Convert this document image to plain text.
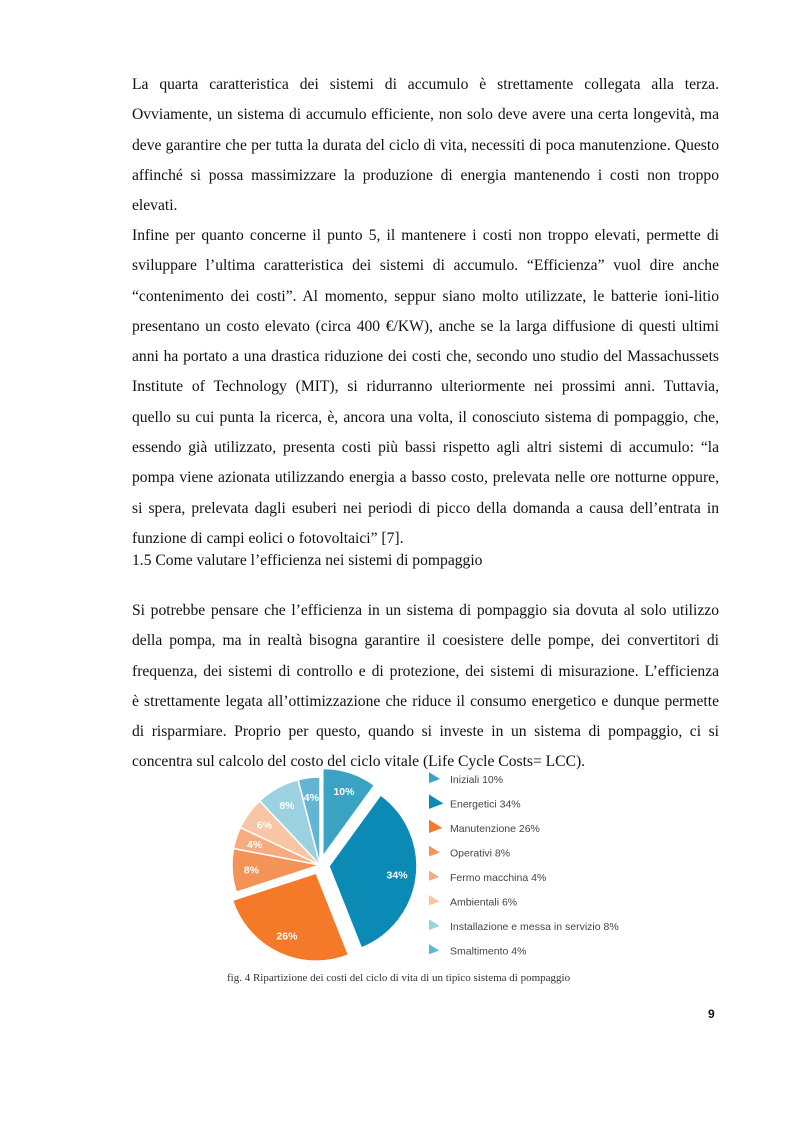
La quarta caratteristica dei sistemi di accumulo è strettamente collegata alla terza.
Ovviamente, un sistema di accumulo efficiente, non solo deve avere una certa longevità, ma
deve garantire che per tutta la durata del ciclo di vita, necessiti di poca manutenzione. Questo
affinché si possa massimizzare la produzione di energia mantenendo i costi non troppo
elevati.
Infine per quanto concerne il punto 5, il mantenere i costi non troppo elevati, permette di
sviluppare l’ultima caratteristica dei sistemi di accumulo. “Efficienza” vuol dire anche
“contenimento dei costi”. Al momento, seppur siano molto utilizzate, le batterie ioni-litio
presentano un costo elevato (circa 400 €/KW), anche se la larga diffusione di questi ultimi
anni ha portato a una drastica riduzione dei costi che, secondo uno studio del Massachussets
Institute of Technology (MIT), si ridurranno ulteriormente nei prossimi anni. Tuttavia,
quello su cui punta la ricerca, è, ancora una volta, il conosciuto sistema di pompaggio, che,
essendo già utilizzato, presenta costi più bassi rispetto agli altri sistemi di accumulo: “la
pompa viene azionata utilizzando energia a basso costo, prelevata nelle ore notturne oppure,
si spera, prelevata dagli esuberi nei periodi di picco della domanda a causa dell’entrata in
funzione di campi eolici o fotovoltaici” [7].
1.5 Come valutare l’efficienza nei sistemi di pompaggio
Si potrebbe pensare che l’efficienza in un sistema di pompaggio sia dovuta al solo utilizzo
della pompa, ma in realtà bisogna garantire il coesistere delle pompe, dei convertitori di
frequenza, dei sistemi di controllo e di protezione, dei sistemi di misurazione. L’efficienza
è strettamente legata all’ottimizzazione che riduce il consumo energetico e dunque permette
di risparmiare. Proprio per questo, quando si investe in un sistema di pompaggio, ci si
concentra sul calcolo del costo del ciclo vitale (Life Cycle Costs= LCC).
10%
34%
26%
8%
4%
6%
8%
4%
Iniziali 10%
Energetici 34%
Manutenzione 26%
Operativi 8%
Fermo macchina 4%
Ambientali 6%
Installazione e messa in servizio 8%
Smaltimento 4%

fig. 4 Ripartizione dei costi del ciclo di vita di un tipico sistema di pompaggio

9
